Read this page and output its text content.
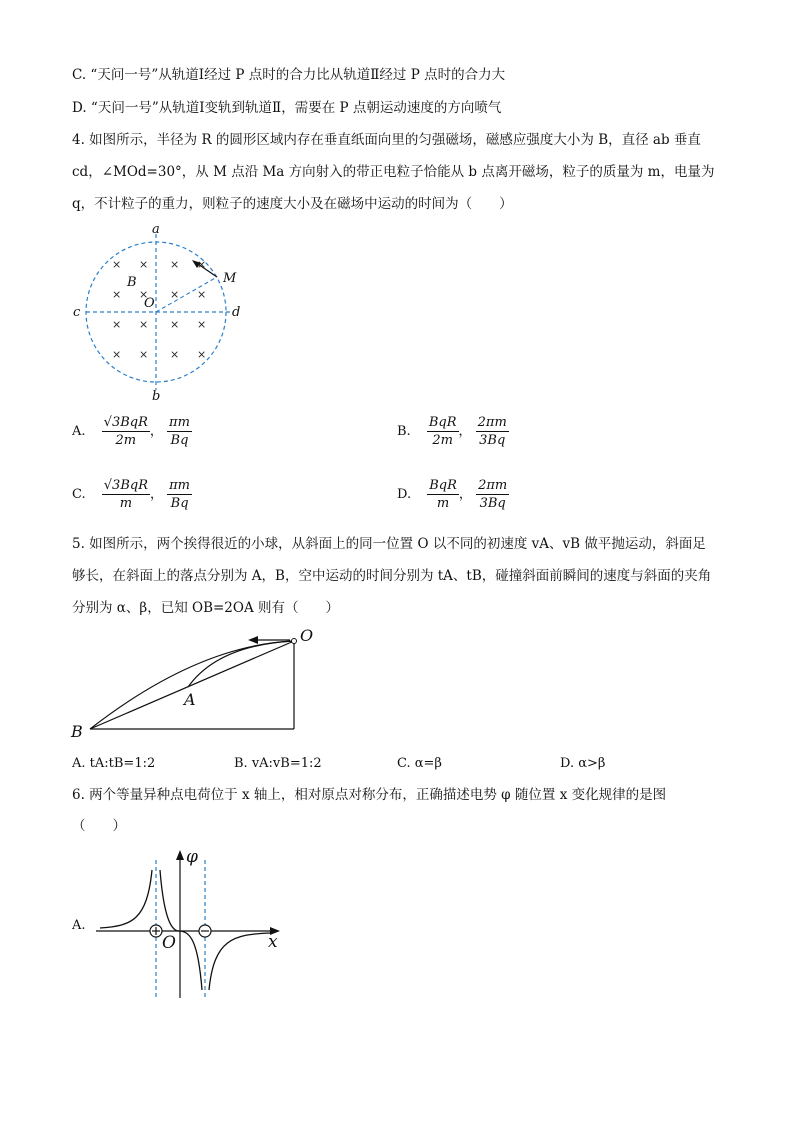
C. “天问一号”从轨道Ⅰ经过 P 点时的合力比从轨道Ⅱ经过 P 点时的合力大
D. “天问一号”从轨道Ⅰ变轨到轨道Ⅱ，需要在 P 点朝运动速度的方向喷气
4. 如图所示，半径为 R 的圆形区域内存在垂直纸面向里的匀强磁场，磁感应强度大小为 B，直径 ab 垂直
cd，∠MOd=30°，从 M 点沿 Ma 方向射入的带正电粒子恰能从 b 点离开磁场，粒子的质量为 m，电量为
q，不计粒子的重力，则粒子的速度大小及在磁场中运动的时间为（　　）
× × × ×
× × × ×
× × × ×
× × × ×
a
b
c	d
M
O
B
A. $\frac{\text{√3BqR}}{2m}$ ， $\frac{\pi m}{Bq}$	B. $\frac{\text{BqR}}{2m}$ ， $\frac{2\pi m}{3Bq}$
C. $\frac{\text{√3BqR}}{m}$ ， $\frac{\pi m}{Bq}$	D. $\frac{\text{BqR}}{m}$ ， $\frac{2\pi m}{3Bq}$
5. 如图所示，两个挨得很近的小球，从斜面上的同一位置 O 以不同的初速度 vA、vB 做平抛运动，斜面足
够长，在斜面上的落点分别为 A，B，空中运动的时间分别为 tA、tB，碰撞斜面前瞬间的速度与斜面的夹角
分别为 α、β，已知 OB=2OA 则有（　　）
O
A
B
A. tA:tB=1:2	B. vA:vB=1:2	C. α=β	D. α>β
6. 两个等量异种点电荷位于 x 轴上，相对原点对称分布，正确描述电势 φ 随位置 x 变化规律的是图
（　　）
A.
φ
x
O
